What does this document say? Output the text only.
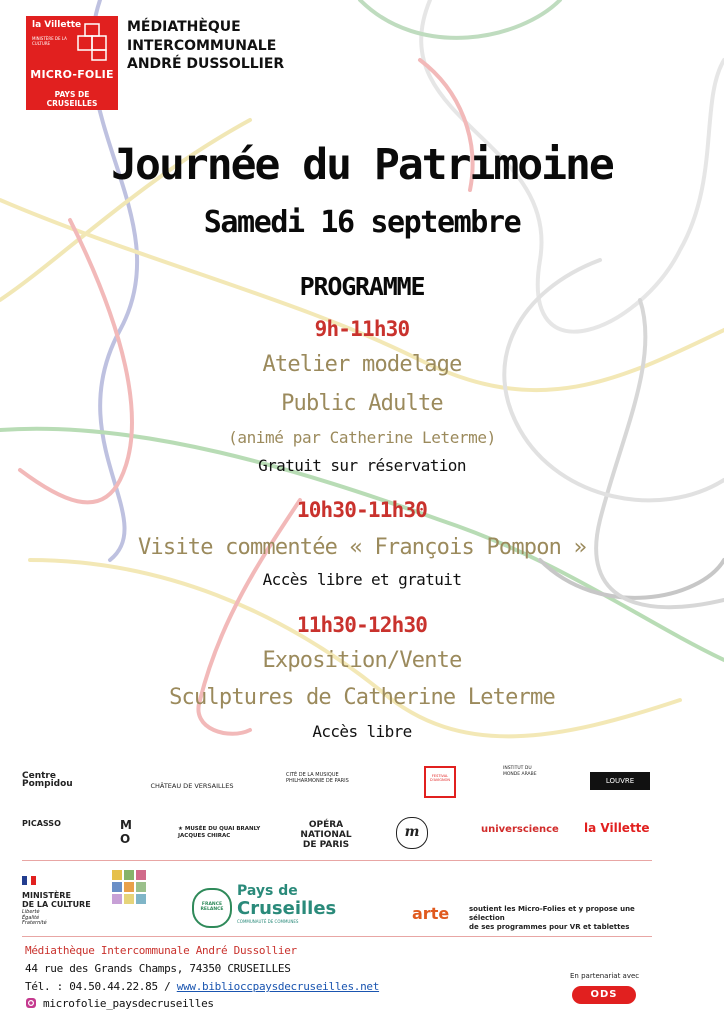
la Villette
MINISTÈRE DE LA CULTURE
MICRO-FOLIE
PAYS DE CRUSEILLES
MÉDIATHÈQUE
INTERCOMMUNALE
ANDRÉ DUSSOLLIER
Journée du Patrimoine
Samedi 16 septembre
PROGRAMME
9h-11h30
Atelier modelage
Public Adulte
(animé par Catherine Leterme)
Gratuit sur réservation
10h30-11h30
Visite commentée « François Pompon »
Accès libre et gratuit
11h30-12h30
Exposition/Vente
Sculptures de Catherine Leterme
Accès libre
Centre Pompidou	CHÂTEAU DE VERSAILLES
CITÉ DE LA MUSIQUE PHILHARMONIE DE PARIS
FESTIVAL D'AVIGNON
INSTITUT DU MONDE ARABE
LOUVRE
PICASSO	M O
★ MUSÉE DU QUAI BRANLY JACQUES CHIRAC
OPÉRA NATIONAL DE PARIS
m	universcience la Villette
MINISTÈRE
DE LA CULTURE
Liberté
Égalité
Fraternité
FRANCE RELANCE
Pays de
Cruseilles
COMMUNAUTÉ DE COMMUNES	arte	soutient les Micro-Folies et y propose une sélection
de ses programmes pour VR et tablettes
Médiathèque Intercommunale André Dussollier
44 rue des Grands Champs, 74350 CRUSEILLES
Tél. : 04.50.44.22.85 / www.biblioccpaysdecruseilles.net
microfolie_paysdecruseilles
En partenariat avec
ODS
